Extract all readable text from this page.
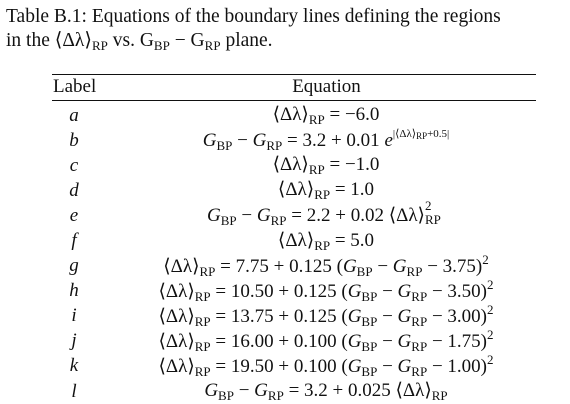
Table B.1: Equations of the boundary lines defining the regions
in the $⟨\Delta\lambda⟩_{RP}$ vs. $G_{BP} - G_{RP}$ plane.
Label	Equation
a	$⟨\Delta\lambda⟩_{RP} = -6.0$
b	$G_{BP} - G_{RP} = 3.2 + 0.01$ $e^{|⟨\Delta\lambda⟩RP+0.5|}$
c	$⟨\Delta\lambda⟩_{RP} = -1.0$
d	$⟨\Delta\lambda⟩_{RP} = 1.0$
e	$G_{BP} - G_{RP} = 2.2 + 0.02$ ⟨Δλ⟩ 2
RP
f	$⟨\Delta\lambda⟩_{RP} = 5.0$
g	$⟨\Delta\lambda⟩_{RP} = 7.75 + 0.125$ $(G_{BP} - G_{RP} - 3.75)^2$
h	$⟨\Delta\lambda⟩_{RP} = 10.50 + 0.125$ $(G_{BP} - G_{RP} - 3.50)^2$
i	$⟨\Delta\lambda⟩_{RP} = 13.75 + 0.125$ $(G_{BP} - G_{RP} - 3.00)^2$
j	$⟨\Delta\lambda⟩_{RP} = 16.00 + 0.100$ $(G_{BP} - G_{RP} - 1.75)^2$
k	$⟨\Delta\lambda⟩_{RP} = 19.50 + 0.100$ $(G_{BP} - G_{RP} - 1.00)^2$
l	$G_{BP} - G_{RP} = 3.2 + 0.025$ $⟨\Delta\lambda⟩_{RP}$
